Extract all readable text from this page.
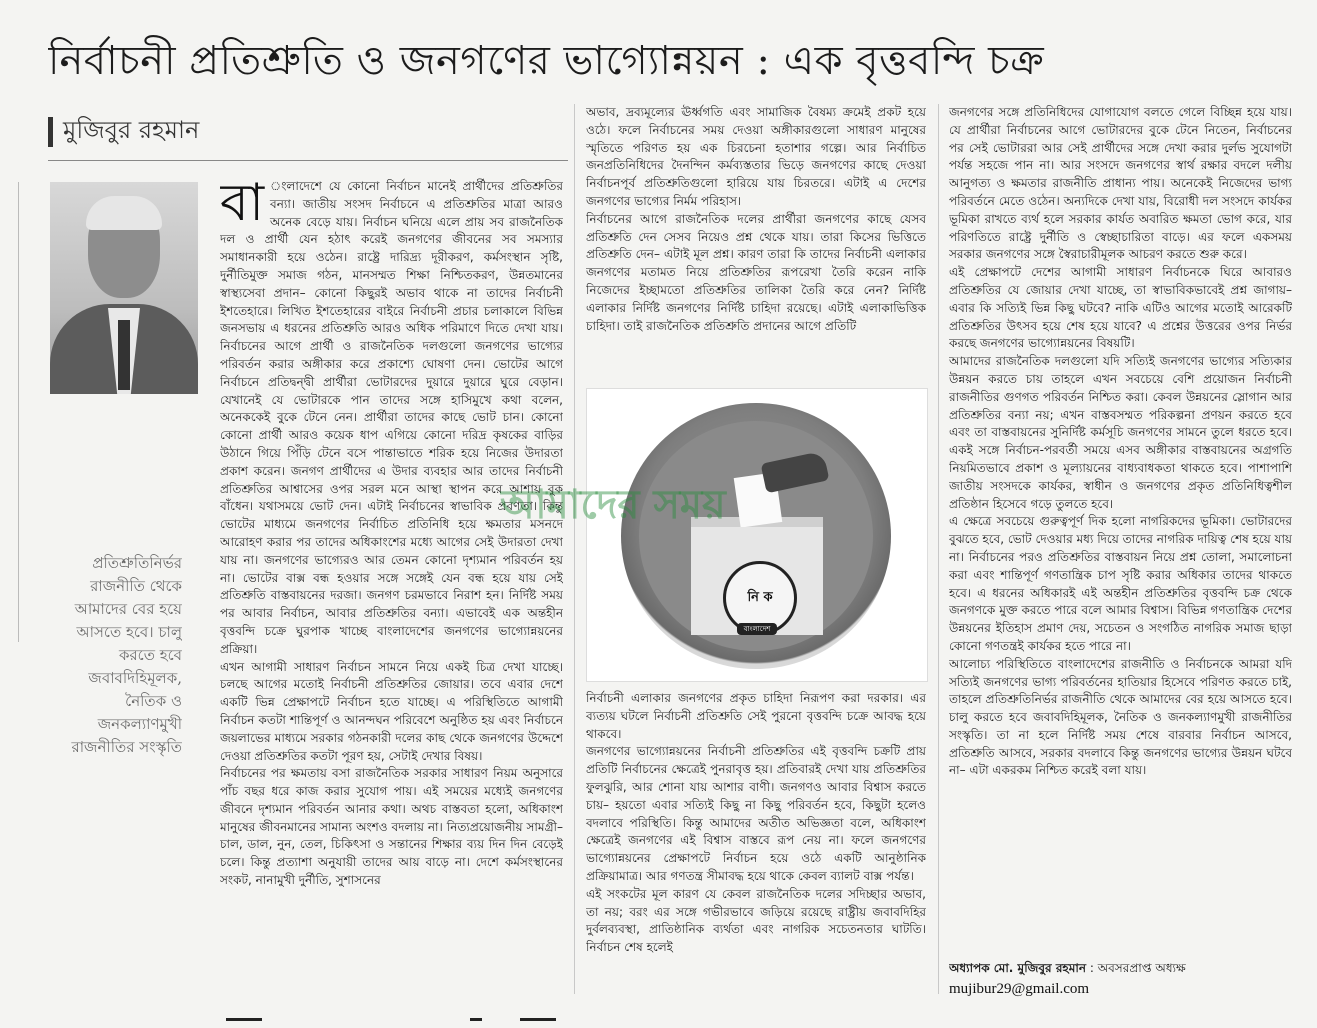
নির্বাচনী প্রতিশ্রুতি ও জনগণের ভাগ্যোন্নয়ন : এক বৃত্তবন্দি চক্র
মুজিবুর রহমান
প্রতিশ্রুতিনির্ভর রাজনীতি থেকে আমাদের বের হয়ে আসতে হবে। চালু করতে হবে জবাবদিহিমূলক, নৈতিক ও জনকল্যাণমুখী রাজনীতির সংস্কৃতি
বা ংলাদেশে যে কোনো নির্বাচন মানেই প্রার্থীদের প্রতিশ্রুতির বন্যা। জাতীয় সংসদ নির্বাচনে এ প্রতিশ্রুতির মাত্রা আরও অনেক বেড়ে যায়। নির্বাচন ঘনিয়ে এলে প্রায় সব রাজনৈতিক দল ও প্রার্থী যেন হঠাৎ করেই জনগণের জীবনের সব সমস্যার সমাধানকারী হয়ে ওঠেন। রাষ্ট্রে দারিদ্র্য দূরীকরণ, কর্মসংস্থান সৃষ্টি, দুর্নীতিমুক্ত সমাজ গঠন, মানসম্মত শিক্ষা নিশ্চিতকরণ, উন্নতমানের স্বাস্থ্যসেবা প্রদান– কোনো কিছুরই অভাব থাকে না তাদের নির্বাচনী ইশতেহারে। লিখিত ইশতেহারের বাইরে নির্বাচনী প্রচার চলাকালে বিভিন্ন জনসভায় এ ধরনের প্রতিশ্রুতি আরও অধিক পরিমাণে দিতে দেখা যায়। নির্বাচনের আগে প্রার্থী ও রাজনৈতিক দলগুলো জনগণের ভাগ্যের পরিবর্তন করার অঙ্গীকার করে প্রকাশ্যে ঘোষণা দেন। ভোটের আগে নির্বাচনে প্রতিদ্বন্দ্বী প্রার্থীরা ভোটারদের দুয়ারে দুয়ারে ঘুরে বেড়ান। যেখানেই যে ভোটারকে পান তাদের সঙ্গে হাসিমুখে কথা বলেন, অনেককেই বুকে টেনে নেন। প্রার্থীরা তাদের কাছে ভোট চান। কোনো কোনো প্রার্থী আরও কয়েক ধাপ এগিয়ে কোনো দরিদ্র কৃষকের বাড়ির উঠানে গিয়ে পিঁড়ি টেনে বসে পান্তাভাতে শরিক হয়ে নিজের উদারতা প্রকাশ করেন। জনগণ প্রার্থীদের এ উদার ব্যবহার আর তাদের নির্বাচনী প্রতিশ্রুতির আশ্বাসের ওপর সরল মনে আস্থা স্থাপন করে আশায় বুক বাঁধেন। যথাসময়ে ভোট দেন। এটাই নির্বাচনের স্বাভাবিক প্রবণতা। কিন্তু ভোটের মাধ্যমে জনগণের নির্বাচিত প্রতিনিধি হয়ে ক্ষমতার মসনদে আরোহণ করার পর তাদের অধিকাংশের মধ্যে আগের সেই উদারতা দেখা যায় না। জনগণের ভাগ্যেরও আর তেমন কোনো দৃশ্যমান পরিবর্তন হয় না। ভোটের বাক্স বন্ধ হওয়ার সঙ্গে সঙ্গেই যেন বন্ধ হয়ে যায় সেই প্রতিশ্রুতি বাস্তবায়নের দরজা। জনগণ চরমভাবে নিরাশ হন। নির্দিষ্ট সময় পর আবার নির্বাচন, আবার প্রতিশ্রুতির বন্যা। এভাবেই এক অন্তহীন বৃত্তবন্দি চক্রে ঘুরপাক খাচ্ছে বাংলাদেশের জনগণের ভাগ্যোন্নয়নের প্রক্রিয়া।

এখন আগামী সাধারণ নির্বাচন সামনে নিয়ে একই চিত্র দেখা যাচ্ছে। চলছে আগের মতোই নির্বাচনী প্রতিশ্রুতির জোয়ার। তবে এবার দেশে একটি ভিন্ন প্রেক্ষাপটে নির্বাচন হতে যাচ্ছে। এ পরিস্থিতিতে আগামী নির্বাচন কতটা শান্তিপূর্ণ ও আনন্দঘন পরিবেশে অনুষ্ঠিত হয় এবং নির্বাচনে জয়লাভের মাধ্যমে সরকার গঠনকারী দলের কাছ থেকে জনগণের উদ্দেশে দেওয়া প্রতিশ্রুতির কতটা পূরণ হয়, সেটাই দেখার বিষয়।

নির্বাচনের পর ক্ষমতায় বসা রাজনৈতিক সরকার সাধারণ নিয়ম অনুসারে পাঁচ বছর ধরে কাজ করার সুযোগ পায়। এই সময়ের মধ্যেই জনগণের জীবনে দৃশ্যমান পরিবর্তন আনার কথা। অথচ বাস্তবতা হলো, অধিকাংশ মানুষের জীবনমানের সামান্য অংশও বদলায় না। নিত্যপ্রয়োজনীয় সামগ্রী– চাল, ডাল, নুন, তেল, চিকিৎসা ও সন্তানের শিক্ষার ব্যয় দিন দিন বেড়েই চলে। কিন্তু প্রত্যাশা অনুযায়ী তাদের আয় বাড়ে না। দেশে কর্মসংস্থানের সংকট, নানামুখী দুর্নীতি, সুশাসনের

অভাব, দ্রব্যমূল্যের ঊর্ধ্বগতি এবং সামাজিক বৈষম্য ক্রমেই প্রকট হয়ে ওঠে। ফলে নির্বাচনের সময় দেওয়া অঙ্গীকারগুলো সাধারণ মানুষের স্মৃতিতে পরিণত হয় এক চিরচেনা হতাশার গল্পে। আর নির্বাচিত জনপ্রতিনিধিদের দৈনন্দিন কর্মব্যস্ততার ভিড়ে জনগণের কাছে দেওয়া নির্বাচনপূর্ব প্রতিশ্রুতিগুলো হারিয়ে যায় চিরতরে। এটাই এ দেশের জনগণের ভাগ্যের নির্মম পরিহাস।

নির্বাচনের আগে রাজনৈতিক দলের প্রার্থীরা জনগণের কাছে যেসব প্রতিশ্রুতি দেন সেসব নিয়েও প্রশ্ন থেকে যায়। তারা কিসের ভিত্তিতে প্রতিশ্রুতি দেন– এটাই মূল প্রশ্ন। কারণ তারা কি তাদের নির্বাচনী এলাকার জনগণের মতামত নিয়ে প্রতিশ্রুতির রূপরেখা তৈরি করেন নাকি নিজেদের ইচ্ছামতো প্রতিশ্রুতির তালিকা তৈরি করে নেন? নির্দিষ্ট এলাকার নির্দিষ্ট জনগণের নির্দিষ্ট চাহিদা রয়েছে। এটাই এলাকাভিত্তিক চাহিদা। তাই রাজনৈতিক প্রতিশ্রুতি প্রদানের আগে প্রতিটি

নি ক
বাংলাদেশ
আমাদের সময়

নির্বাচনী এলাকার জনগণের প্রকৃত চাহিদা নিরূপণ করা দরকার। এর ব্যত্যয় ঘটলে নির্বাচনী প্রতিশ্রুতি সেই পুরনো বৃত্তবন্দি চক্রে আবদ্ধ হয়ে থাকবে।

জনগণের ভাগ্যোন্নয়নের নির্বাচনী প্রতিশ্রুতির এই বৃত্তবন্দি চক্রটি প্রায় প্রতিটি নির্বাচনের ক্ষেত্রেই পুনরাবৃত্ত হয়। প্রতিবারই দেখা যায় প্রতিশ্রুতির ফুলঝুরি, আর শোনা যায় আশার বাণী। জনগণও আবার বিশ্বাস করতে চায়– হয়তো এবার সত্যিই কিছু না কিছু পরিবর্তন হবে, কিছুটা হলেও বদলাবে পরিস্থিতি। কিন্তু আমাদের অতীত অভিজ্ঞতা বলে, অধিকাংশ ক্ষেত্রেই জনগণের এই বিশ্বাস বাস্তবে রূপ নেয় না। ফলে জনগণের ভাগ্যোন্নয়নের প্রেক্ষাপটে নির্বাচন হয়ে ওঠে একটি আনুষ্ঠানিক প্রক্রিয়ামাত্র। আর গণতন্ত্র সীমাবদ্ধ হয়ে থাকে কেবল ব্যালট বাক্স পর্যন্ত।

এই সংকটের মূল কারণ যে কেবল রাজনৈতিক দলের সদিচ্ছার অভাব, তা নয়; বরং এর সঙ্গে গভীরভাবে জড়িয়ে রয়েছে রাষ্ট্রীয় জবাবদিহির দুর্বলব্যবস্থা, প্রাতিষ্ঠানিক ব্যর্থতা এবং নাগরিক সচেতনতার ঘাটতি। নির্বাচন শেষ হলেই

জনগণের সঙ্গে প্রতিনিধিদের যোগাযোগ বলতে গেলে বিচ্ছিন্ন হয়ে যায়। যে প্রার্থীরা নির্বাচনের আগে ভোটারদের বুকে টেনে নিতেন, নির্বাচনের পর সেই ভোটাররা আর সেই প্রার্থীদের সঙ্গে দেখা করার দুর্লভ সুযোগটা পর্যন্ত সহজে পান না। আর সংসদে জনগণের স্বার্থ রক্ষার বদলে দলীয় আনুগত্য ও ক্ষমতার রাজনীতি প্রাধান্য পায়। অনেকেই নিজেদের ভাগ্য পরিবর্তনে মেতে ওঠেন। অন্যদিকে দেখা যায়, বিরোধী দল সংসদে কার্যকর ভূমিকা রাখতে ব্যর্থ হলে সরকার কার্যত অবারিত ক্ষমতা ভোগ করে, যার পরিণতিতে রাষ্ট্রে দুর্নীতি ও স্বেচ্ছাচারিতা বাড়ে। এর ফলে একসময় সরকার জনগণের সঙ্গে স্বৈরাচারীমূলক আচরণ করতে শুরু করে।

এই প্রেক্ষাপটে দেশের আগামী সাধারণ নির্বাচনকে ঘিরে আবারও প্রতিশ্রুতির যে জোয়ার দেখা যাচ্ছে, তা স্বাভাবিকভাবেই প্রশ্ন জাগায়– এবার কি সত্যিই ভিন্ন কিছু ঘটবে? নাকি এটিও আগের মতোই আরেকটি প্রতিশ্রুতির উৎসব হয়ে শেষ হয়ে যাবে? এ প্রশ্নের উত্তরের ওপর নির্ভর করছে জনগণের ভাগ্যোন্নয়নের বিষয়টি।

আমাদের রাজনৈতিক দলগুলো যদি সত্যিই জনগণের ভাগ্যের সত্যিকার উন্নয়ন করতে চায় তাহলে এখন সবচেয়ে বেশি প্রয়োজন নির্বাচনী রাজনীতির গুণগত পরিবর্তন নিশ্চিত করা। কেবল উন্নয়নের স্লোগান আর প্রতিশ্রুতির বন্যা নয়; এখন বাস্তবসম্মত পরিকল্পনা প্রণয়ন করতে হবে এবং তা বাস্তবায়নের সুনির্দিষ্ট কর্মসূচি জনগণের সামনে তুলে ধরতে হবে। একই সঙ্গে নির্বাচন-পরবর্তী সময়ে এসব অঙ্গীকার বাস্তবায়নের অগ্রগতি নিয়মিতভাবে প্রকাশ ও মূল্যায়নের বাধ্যবাধকতা থাকতে হবে। পাশাপাশি জাতীয় সংসদকে কার্যকর, স্বাধীন ও জনগণের প্রকৃত প্রতিনিধিত্বশীল প্রতিষ্ঠান হিসেবে গড়ে তুলতে হবে।

এ ক্ষেত্রে সবচেয়ে গুরুত্বপূর্ণ দিক হলো নাগরিকদের ভূমিকা। ভোটারদের বুঝতে হবে, ভোট দেওয়ার মধ্য দিয়ে তাদের নাগরিক দায়িত্ব শেষ হয়ে যায় না। নির্বাচনের পরও প্রতিশ্রুতির বাস্তবায়ন নিয়ে প্রশ্ন তোলা, সমালোচনা করা এবং শান্তিপূর্ণ গণতান্ত্রিক চাপ সৃষ্টি করার অধিকার তাদের থাকতে হবে। এ ধরনের অধিকারই এই অন্তহীন প্রতিশ্রুতির বৃত্তবন্দি চক্র থেকে জনগণকে মুক্ত করতে পারে বলে আমার বিশ্বাস। বিভিন্ন গণতান্ত্রিক দেশের উন্নয়নের ইতিহাস প্রমাণ দেয়, সচেতন ও সংগঠিত নাগরিক সমাজ ছাড়া কোনো গণতন্ত্রই কার্যকর হতে পারে না।

আলোচ্য পরিস্থিতিতে বাংলাদেশের রাজনীতি ও নির্বাচনকে আমরা যদি সত্যিই জনগণের ভাগ্য পরিবর্তনের হাতিয়ার হিসেবে পরিণত করতে চাই, তাহলে প্রতিশ্রুতিনির্ভর রাজনীতি থেকে আমাদের বের হয়ে আসতে হবে। চালু করতে হবে জবাবদিহিমূলক, নৈতিক ও জনকল্যাণমুখী রাজনীতির সংস্কৃতি। তা না হলে নির্দিষ্ট সময় শেষে বারবার নির্বাচন আসবে, প্রতিশ্রুতি আসবে, সরকার বদলাবে কিন্তু জনগণের ভাগ্যের উন্নয়ন ঘটবে না– এটা একরকম নিশ্চিত করেই বলা যায়।

অধ্যাপক মো. মুজিবুর রহমান : অবসরপ্রাপ্ত অধ্যক্ষ
mujibur29@gmail.com
